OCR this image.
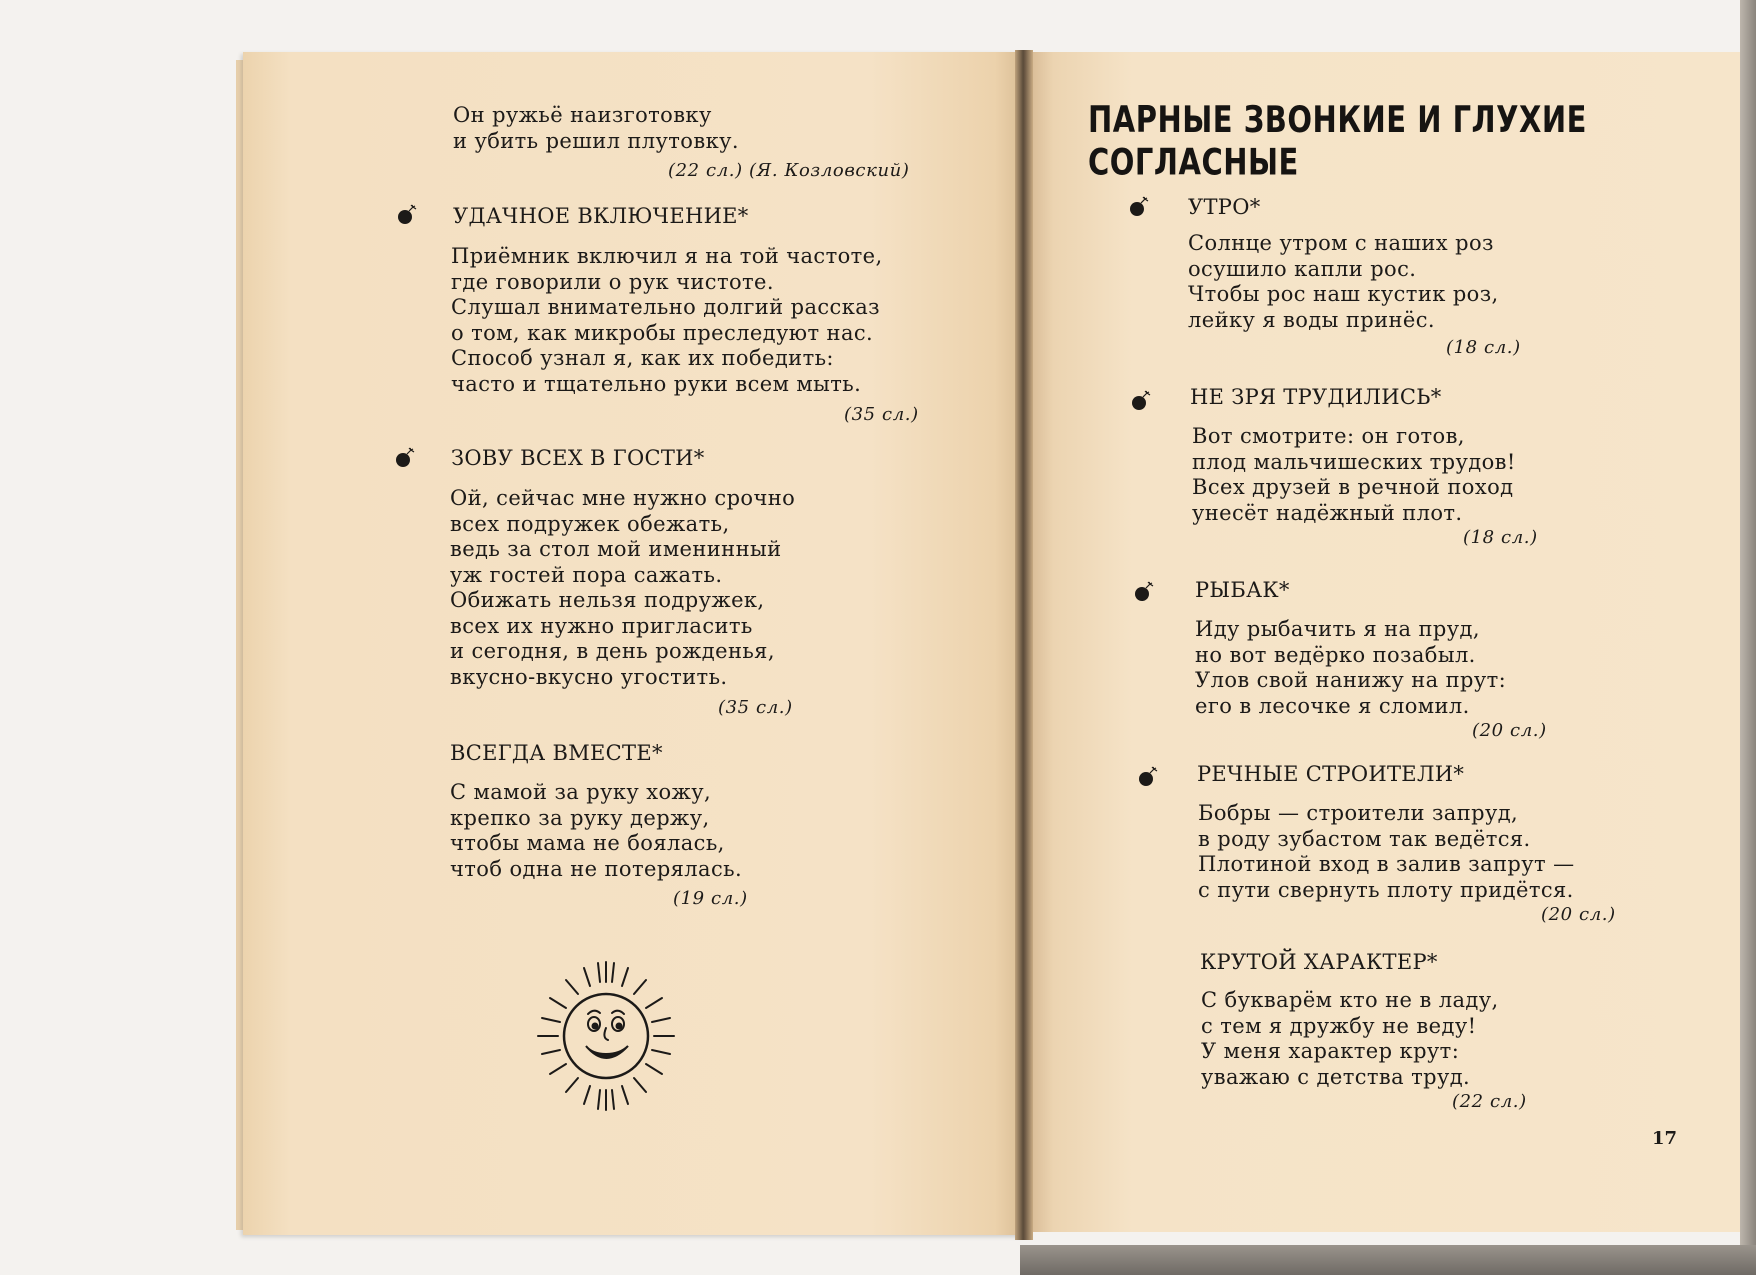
Он ружьё наизготовку
и убить решил плутовку.
(22 сл.) (Я. Козловский)
УДАЧНОЕ ВКЛЮЧЕНИЕ*
Приёмник включил я на той частоте,
где говорили о рук чистоте.
Слушал внимательно долгий рассказ
о том, как микробы преследуют нас.
Способ узнал я, как их победить:
часто и тщательно руки всем мыть.
(35 сл.)
ЗОВУ ВСЕХ В ГОСТИ*
Ой, сейчас мне нужно срочно
всех подружек обежать,
ведь за стол мой именинный
уж гостей пора сажать.
Обижать нельзя подружек,
всех их нужно пригласить
и сегодня, в день рожденья,
вкусно-вкусно угостить.
(35 сл.)
ВСЕГДА ВМЕСТЕ*
С мамой за руку хожу,
крепко за руку держу,
чтобы мама не боялась,
чтоб одна не потерялась.
(19 сл.)
ПАРНЫЕ ЗВОНКИЕ И ГЛУХИЕ СОГЛАСНЫЕ
УТРО*
Солнце утром с наших роз
осушило капли рос.
Чтобы рос наш кустик роз,
лейку я воды принёс.
(18 сл.)
НЕ ЗРЯ ТРУДИЛИСЬ*
Вот смотрите: он готов,
плод мальчишеских трудов!
Всех друзей в речной поход
унесёт надёжный плот.
(18 сл.)
РЫБАК*
Иду рыбачить я на пруд,
но вот ведёрко позабыл.
Улов свой нанижу на прут:
его в лесочке я сломил.
(20 сл.)
РЕЧНЫЕ СТРОИТЕЛИ*
Бобры — строители запруд,
в роду зубастом так ведётся.
Плотиной вход в залив запрут —
с пути свернуть плоту придётся.
(20 сл.)
КРУТОЙ ХАРАКТЕР*
С букварём кто не в ладу,
с тем я дружбу не веду!
У меня характер крут:
уважаю с детства труд.
(22 сл.)
17
